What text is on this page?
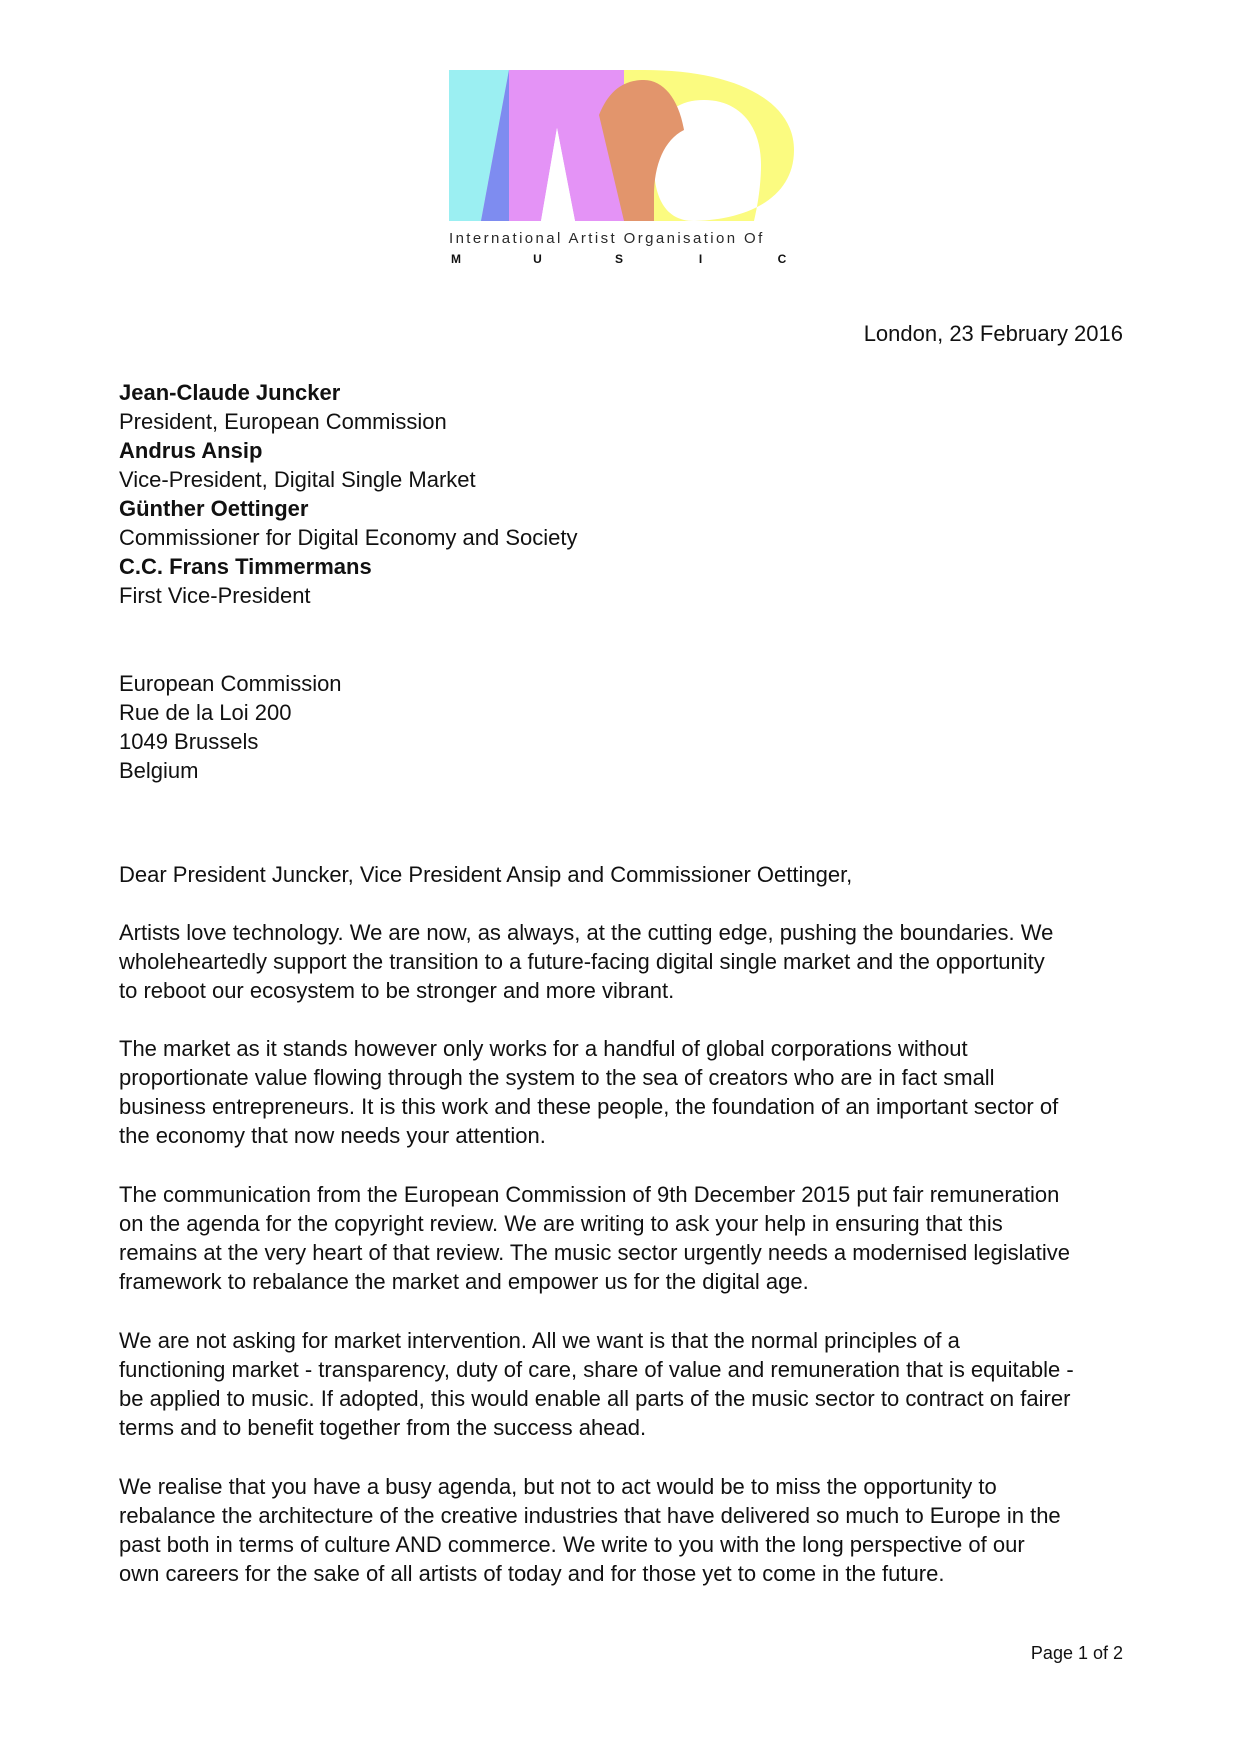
International Artist Organisation Of
M	U	S	I	C
London, 23 February 2016
Jean-Claude Juncker
President, European Commission
Andrus Ansip
Vice-President, Digital Single Market
Günther Oettinger
Commissioner for Digital Economy and Society
C.C. Frans Timmermans
First Vice-President
European Commission
Rue de la Loi 200
1049 Brussels
Belgium
Dear President Juncker, Vice President Ansip and Commissioner Oettinger,
Artists love technology. We are now, as always, at the cutting edge, pushing the boundaries. We
wholeheartedly support the transition to a future-facing digital single market and the opportunity
to reboot our ecosystem to be stronger and more vibrant.
The market as it stands however only works for a handful of global corporations without
proportionate value flowing through the system to the sea of creators who are in fact small
business entrepreneurs. It is this work and these people, the foundation of an important sector of
the economy that now needs your attention.
The communication from the European Commission of 9th December 2015 put fair remuneration
on the agenda for the copyright review. We are writing to ask your help in ensuring that this
remains at the very heart of that review. The music sector urgently needs a modernised legislative
framework to rebalance the market and empower us for the digital age.
We are not asking for market intervention. All we want is that the normal principles of a
functioning market - transparency, duty of care, share of value and remuneration that is equitable -
be applied to music. If adopted, this would enable all parts of the music sector to contract on fairer
terms and to benefit together from the success ahead.
We realise that you have a busy agenda, but not to act would be to miss the opportunity to
rebalance the architecture of the creative industries that have delivered so much to Europe in the
past both in terms of culture AND commerce. We write to you with the long perspective of our
own careers for the sake of all artists of today and for those yet to come in the future.
Page 1 of 2
